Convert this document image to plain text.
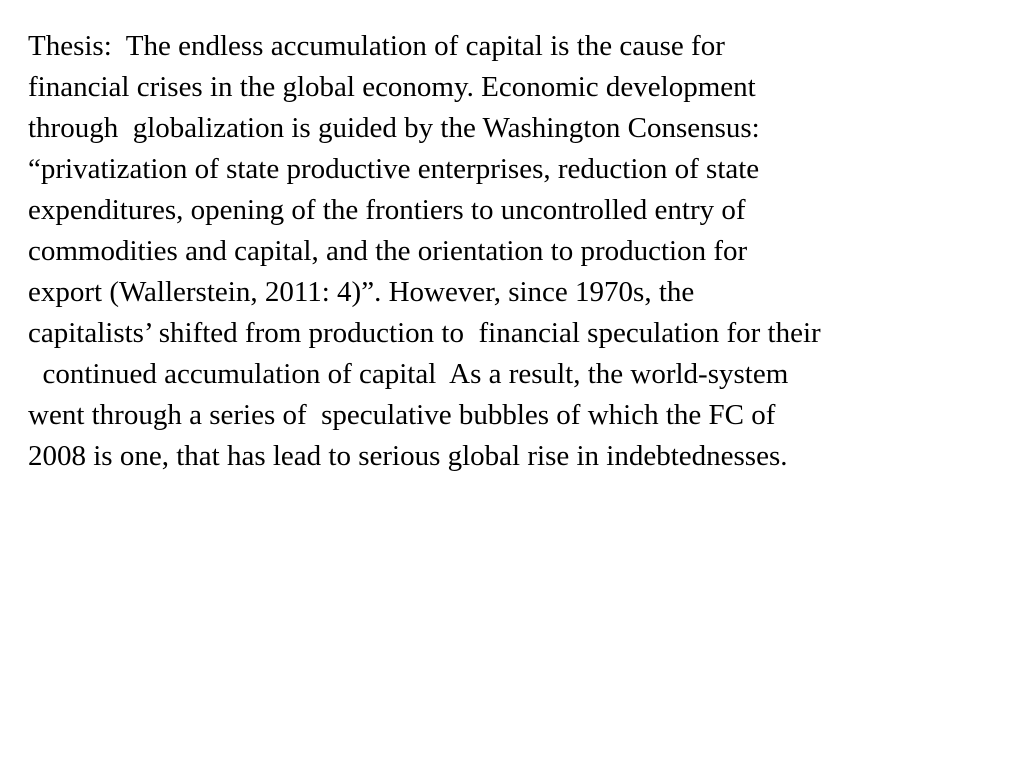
Thesis:  The endless accumulation of capital is the cause for
financial crises in the global economy. Economic development
through  globalization is guided by the Washington Consensus:
“privatization of state productive enterprises, reduction of state
expenditures, opening of the frontiers to uncontrolled entry of
commodities and capital, and the orientation to production for
export (Wallerstein, 2011: 4)”. However, since 1970s, the
capitalists’ shifted from production to  financial speculation for their
continued accumulation of capital  As a result, the world-system
went through a series of  speculative bubbles of which the FC of
2008 is one, that has lead to serious global rise in indebtednesses.
